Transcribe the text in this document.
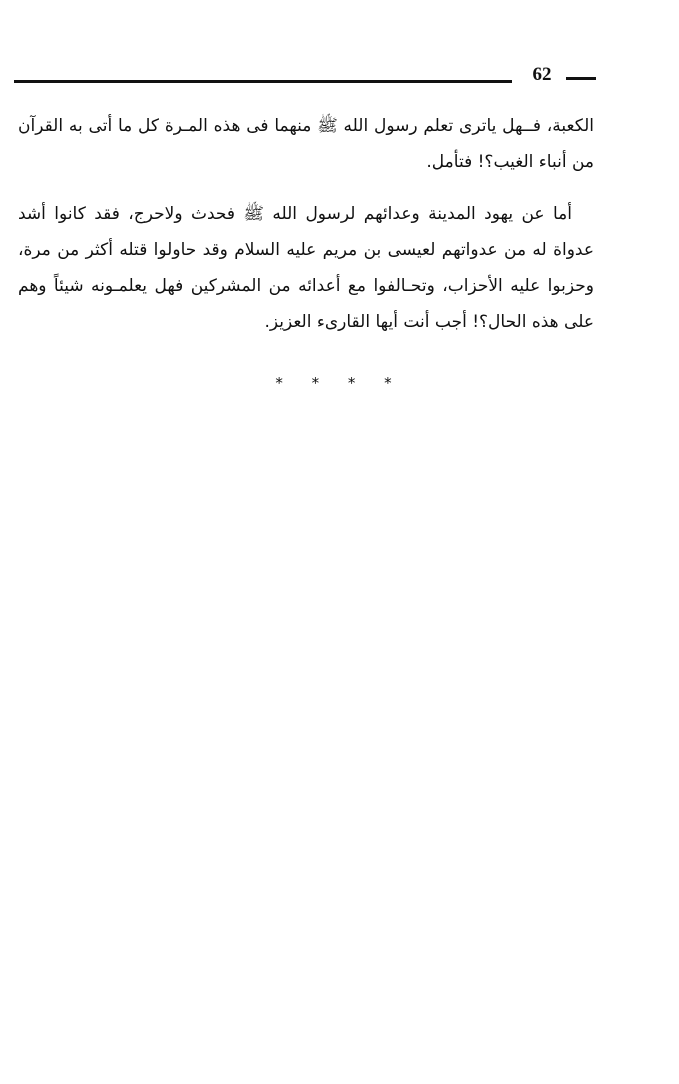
62

الكعبة، فــهل ياترى تعلم رسول الله ﷺ منهما فى هذه المـرة كل ما أتى به القرآن من أنباء الغيب؟! فتأمل.

أما عن يهود المدينة وعدائهم لرسول الله ﷺ فحدث ولاحرج، فقد كانوا أشد عدواة له من عدواتهم لعيسى بن مريم عليه السلام وقد حاولوا قتله أكثر من مرة، وحزبوا عليه الأحزاب، وتحـالفوا مع أعدائه من المشركين فهل يعلمـونه شيئاً وهم على هذه الحال؟! أجب أنت أيها القارىء العزيز.

* * * *
